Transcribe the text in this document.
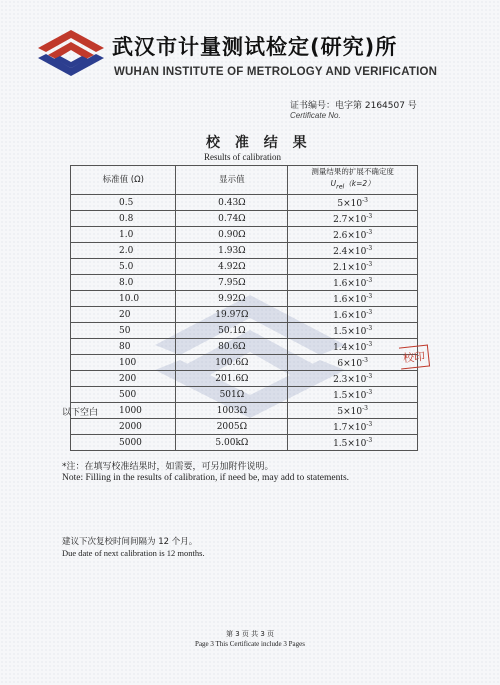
武汉市计量测试检定(研究)所
WUHAN INSTITUTE OF METROLOGY AND VERIFICATION
证书编号：电字第 2164507 号
Certificate No.
校 准 结 果
Results of calibration
标准值 (Ω)	显示值	测量结果的扩展不确定度
$U_{rel}(k=2)$

0.5	0.43Ω	$5\times 10^{-3}$
0.8	0.74Ω	$2.7\times 10^{-3}$
1.0	0.90Ω	$2.6\times 10^{-3}$
2.0	1.93Ω	$2.4\times 10^{-3}$
5.0	4.92Ω	$2.1\times 10^{-3}$
8.0	7.95Ω	$1.6\times 10^{-3}$
10.0	9.92Ω	$1.6\times 10^{-3}$
20	19.97Ω	$1.6\times 10^{-3}$
50	50.1Ω	$1.5\times 10^{-3}$
80	80.6Ω	$1.4\times 10^{-3}$
100	100.6Ω	$6\times 10^{-3}$
200	201.6Ω	$2.3\times 10^{-3}$
500	501Ω	$1.5\times 10^{-3}$
1000	1003Ω	$5\times 10^{-3}$
2000	2005Ω	$1.7\times 10^{-3}$
5000	5.00kΩ	$1.5\times 10^{-3}$
校印
以下空白
*注：在填写校准结果时，如需要，可另加附件说明。
Note: Filling in the results of calibration, if need be, may add to statements.
建议下次复校时间间隔为 12 个月。
Due date of next calibration is 12 months.
第 3 页 共 3 页
Page 3 This Certificate include 3 Pages
